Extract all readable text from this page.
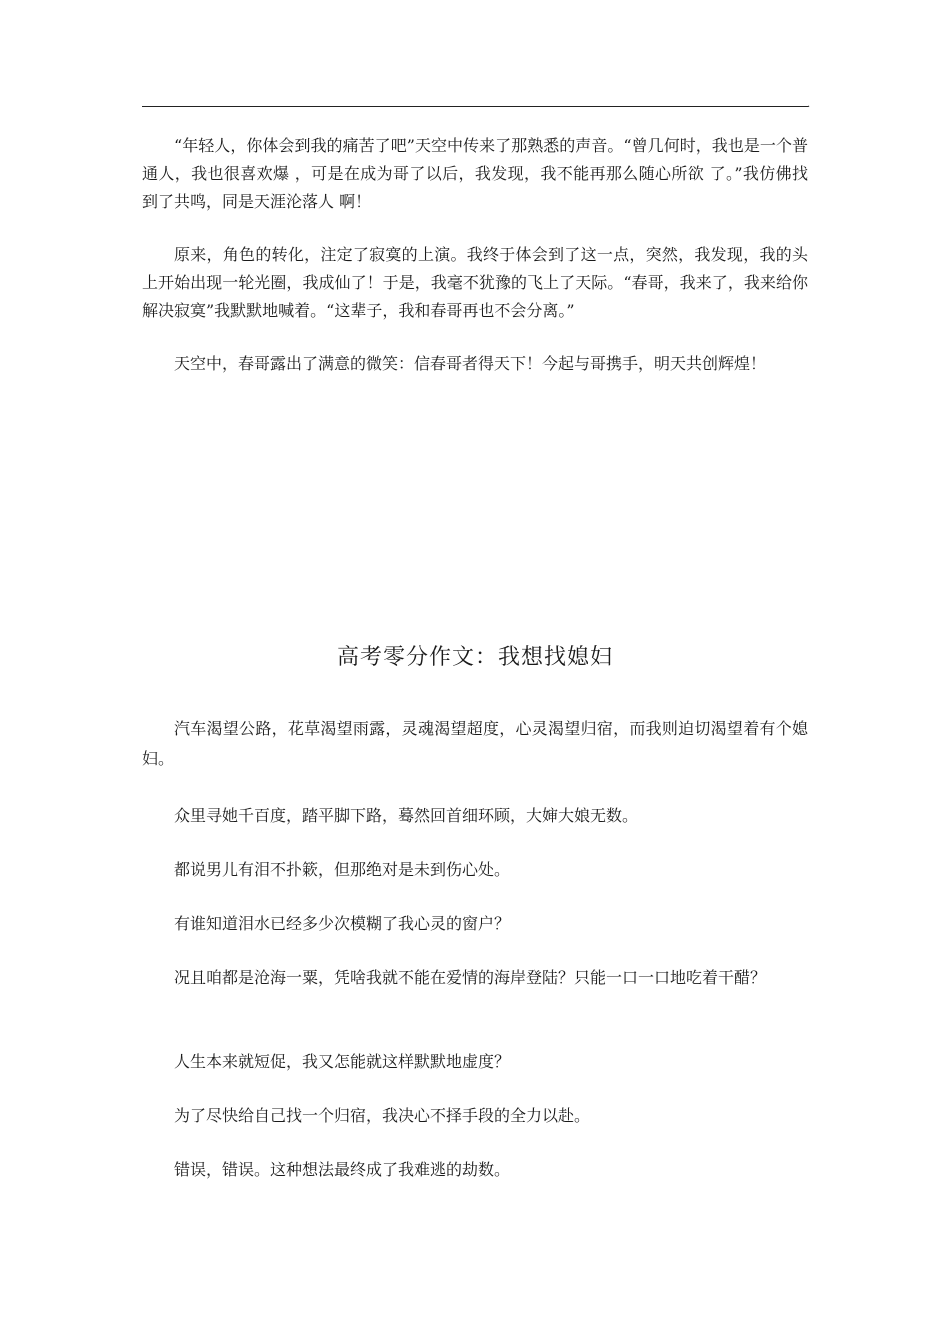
.

“年轻人，你体会到我的痛苦了吧”天空中传来了那熟悉的声音。“曾几何时，我也是一个普通人，我也很喜欢爆 ，可是在成为哥了以后，我发现，我不能再那么随心所欲 了。”我仿佛找到了共鸣，同是天涯沦落人 啊！

原来，角色的转化，注定了寂寞的上演。我终于体会到了这一点，突然，我发现，我的头上开始出现一轮光圈，我成仙了！于是，我毫不犹豫的飞上了天际。“春哥，我来了，我来给你解决寂寞”我默默地喊着。“这辈子，我和春哥再也不会分离。”

天空中，春哥露出了满意的微笑：信春哥者得天下！今起与哥携手，明天共创辉煌！

高考零分作文：我想找媳妇

汽车渴望公路，花草渴望雨露，灵魂渴望超度，心灵渴望归宿，而我则迫切渴望着有个媳妇。

众里寻她千百度，踏平脚下路，蓦然回首细环顾，大婶大娘无数。

都说男儿有泪不扑簌，但那绝对是未到伤心处。

有谁知道泪水已经多少次模糊了我心灵的窗户？

况且咱都是沧海一粟，凭啥我就不能在爱情的海岸登陆？只能一口一口地吃着干醋？

人生本来就短促，我又怎能就这样默默地虚度？

为了尽快给自己找一个归宿，我决心不择手段的全力以赴。

错误，错误。这种想法最终成了我难逃的劫数。
